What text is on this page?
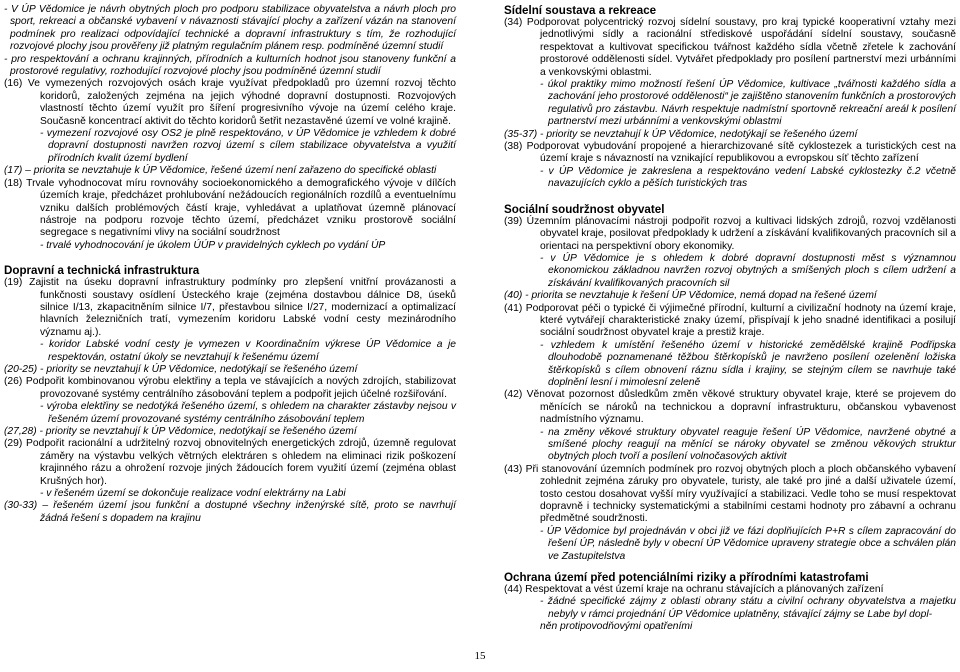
- V ÚP Vědomice je návrh obytných ploch pro podporu stabilizace obyvatelstva a návrh ploch pro sport, rekreaci a občanské vybavení v návaznosti stávající plochy a zařízení vázán na stanovení podmínek pro realizaci odpovídající technické a dopravní infrastruktury s tím, že rozhodující rozvojové plochy jsou prověřeny již platným regulačním plánem resp. podmíněné územní studií

- pro respektování a ochranu krajinných, přírodních a kulturních hodnot jsou stanoveny funkční a prostorové regulativy, rozhodující rozvojové plochy jsou podmíněné územní studií

(16) Ve vymezených rozvojových osách kraje využívat předpokladů pro územní rozvoj těchto koridorů, založených zejména na jejich výhodné dopravní dostupnosti. Rozvojových vlastností těchto území využít pro šíření progresivního vývoje na území celého kraje. Současně koncentrací aktivit do těchto koridorů šetřit nezastavěné území ve volné krajině.

- vymezení rozvojové osy OS2 je plně respektováno, v ÚP Vědomice je vzhledem k dobré dopravní dostupnosti navržen rozvoj území s cílem stabilizace obyvatelstva a využití přírodních kvalit území bydlení

(17) – priorita se nevztahuje k ÚP Vědomice, řešené území není zařazeno do specifické oblasti

(18) Trvale vyhodnocovat míru rovnováhy socioekonomického a demografického vývoje v dílčích územích kraje, předcházet prohlubování nežádoucích regionálních rozdílů a eventuelnímu vzniku dalších problémových částí kraje, vyhledávat a uplatňovat územně plánovací nástroje na podporu rozvoje těchto území, předcházet vzniku prostorově sociální segregace s negativními vlivy na sociální soudržnost

- trvalé vyhodnocování je úkolem ÚÚP v pravidelných cyklech po vydání ÚP

Dopravní a technická infrastruktura

(19) Zajistit na úseku dopravní infrastruktury podmínky pro zlepšení vnitřní provázanosti a funkčnosti soustavy osídlení Ústeckého kraje (zejména dostavbou dálnice D8, úseků silnice I/13, zkapacitněním silnice I/7, přestavbou silnice I/27, modernizací a optimalizací hlavních železničních tratí, vymezením koridoru Labské vodní cesty mezinárodního významu aj.).

- koridor Labské vodní cesty je vymezen v Koordinačním výkrese ÚP Vědomice a je respektován, ostatní úkoly se nevztahují k řešenému území

(20-25) - priority se nevztahují k ÚP Vědomice, nedotýkají se řešeného území

(26) Podpořit kombinovanou výrobu elektřiny a tepla ve stávajících a nových zdrojích, stabilizovat provozované systémy centrálního zásobování teplem a podpořit jejich účelné rozšiřování.

- výroba elektřiny se nedotýká řešeného území, s ohledem na charakter zástavby nejsou v řešeném území provozované systémy centrálního zásobování teplem

(27,28) - priority se nevztahují k ÚP Vědomice, nedotýkají se řešeného území

(29) Podpořit racionální a udržitelný rozvoj obnovitelných energetických zdrojů, územně regulovat záměry na výstavbu velkých větrných elektráren s ohledem na eliminaci rizik poškození krajinného rázu a ohrožení rozvoje jiných žádoucích forem využití území (zejména oblast Krušných hor).

- v řešeném území se dokončuje realizace vodní elektrárny na Labi

(30-33) – řešeném území jsou funkční a dostupné všechny inženýrské sítě, proto se navrhují žádná řešení s dopadem na krajinu

Sídelní soustava a rekreace

(34) Podporovat polycentrický rozvoj sídelní soustavy, pro kraj typické kooperativní vztahy mezi jednotlivými sídly a racionální střediskové uspořádání sídelní soustavy, současně respektovat a kultivovat specifickou tvářnost každého sídla včetně zřetele k zachování prostorové oddělenosti sídel. Vytvářet předpoklady pro posílení partnerství mezi urbánními a venkovskými oblastmi.

- úkol praktiky mimo možností řešení ÚP Vědomice, kultivace „tvářnosti každého sídla a zachování jeho prostorové oddělenosti“ je zajištěno stanovením funkčních a prostorových regulativů pro zástavbu. Návrh respektuje nadmístní sportovně rekreační areál k posílení partnerství mezi urbánními a venkovskými oblastmi

(35-37) - priority se nevztahují k ÚP Vědomice, nedotýkají se řešeného území

(38) Podporovat vybudování propojené a hierarchizované sítě cyklostezek a turistických cest na území kraje s návazností na vznikající republikovou a evropskou síť těchto zařízení

- v ÚP Vědomice je zakreslena a respektováno vedení Labské cyklostezky č.2 včetně navazujících cyklo a pěších turistických tras

Sociální soudržnost obyvatel

(39) Územním plánovacími nástroji podpořit rozvoj a kultivaci lidských zdrojů, rozvoj vzdělanosti obyvatel kraje, posilovat předpoklady k udržení a získávání kvalifikovaných pracovních sil a orientaci na perspektivní obory ekonomiky.

- v ÚP Vědomice je s ohledem k dobré dopravní dostupnosti měst s významnou ekonomickou základnou navržen rozvoj obytných a smíšených ploch s cílem udržení a získávání kvalifikovaných pracovních sil

(40) - priorita se nevztahuje k řešení ÚP Vědomice, nemá dopad na řešené území

(41) Podporovat péči o typické či výjimečné přírodní, kulturní a civilizační hodnoty na území kraje, které vytvářejí charakteristické znaky území, přispívají k jeho snadné identifikaci a posilují sociální soudržnost obyvatel kraje a prestiž kraje.

- vzhledem k umístění řešeného území v historické zemědělské krajině Podřipska dlouhodobě poznamenané těžbou štěrkopísků je navrženo posílení ozelenění ložiska štěrkopísků s cílem obnovení ráznu sídla i krajiny, se stejným cílem se navrhuje také doplnění lesní i mimolesní zeleně

(42) Věnovat pozornost důsledkům změn věkové struktury obyvatel kraje, které se projevem do měnících se nároků na technickou a dopravní infrastrukturu, občanskou vybavenost nadmístního významu.

- na změny věkové struktury obyvatel reaguje řešení ÚP Vědomice, navržené obytné a smíšené plochy reagují na měnící se nároky obyvatel se změnou věkových struktur obytných ploch tvoří a posílení volnočasových aktivit

(43) Při stanovování územních podmínek pro rozvoj obytných ploch a ploch občanského vybavení zohlednit zejména záruky pro obyvatele, turisty, ale také pro jiné a další uživatele území, tosto cestou dosahovat vyšší míry využívající a stabilizaci. Vedle toho se musí respektovat dopravně i technicky systematickými a stabilními cestami hodnoty pro zábavní a ochranu předmětné soudržnosti.

- ÚP Vědomice byl projednáván v obci již ve fázi doplňujících P+R s cílem zapracování do řešení ÚP, následně byly v obecní ÚP Vědomice upraveny strategie obce a schválen plán ve Zastupitelstva

Ochrana území před potenciálními riziky a přírodními katastrofami

(44) Respektovat a vést území kraje na ochranu stávajících a plánovaných zařízení

- žádné specifické zájmy z oblasti obrany státu a civilní ochrany obyvatelstva a majetku nebyly v rámci projednání ÚP Vědomice uplatněny, stávající zájmy se Labe byl dopl-

něn protipovodňovými opatřeními

15
